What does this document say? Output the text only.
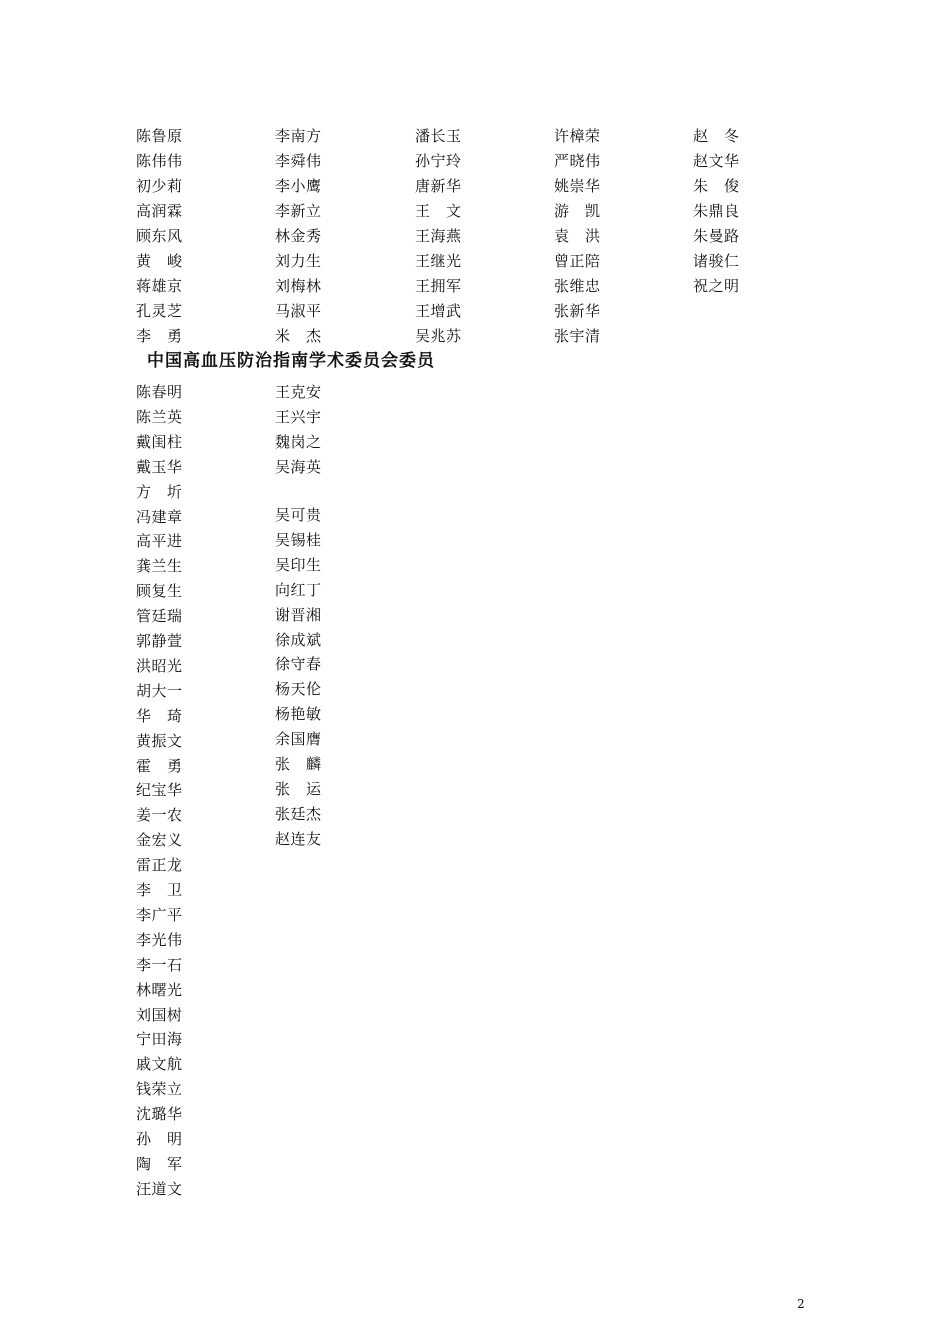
陈鲁原
陈伟伟
初少莉
高润霖
顾东风
黄　峻
蒋雄京
孔灵芝
李　勇
李南方
李舜伟
李小鹰
李新立
林金秀
刘力生
刘梅林
马淑平
米　杰
潘长玉
孙宁玲
唐新华
王　文
王海燕
王继光
王拥军
王增武
吴兆苏
许樟荣
严晓伟
姚崇华
游　凯
袁　洪
曾正陪
张维忠
张新华
张宇清
赵　冬
赵文华
朱　俊
朱鼎良
朱曼路
诸骏仁
祝之明
中国高血压防治指南学术委员会委员
陈春明
陈兰英
戴闺柱
戴玉华
方　圻
冯建章
高平进
龚兰生
顾复生
管廷瑞
郭静萱
洪昭光
胡大一
华　琦
黄振文
霍　勇
纪宝华
姜一农
金宏义
雷正龙
李　卫
李广平
李光伟
李一石
林曙光
刘国树
宁田海
戚文航
钱荣立
沈璐华
孙　明
陶　军
汪道文
王克安
王兴宇
魏岗之
吴海英
吴可贵
吴锡桂
吴印生
向红丁
谢晋湘
徐成斌
徐守春
杨天伦
杨艳敏
余国膺
张　麟
张　运
张廷杰
赵连友
2
